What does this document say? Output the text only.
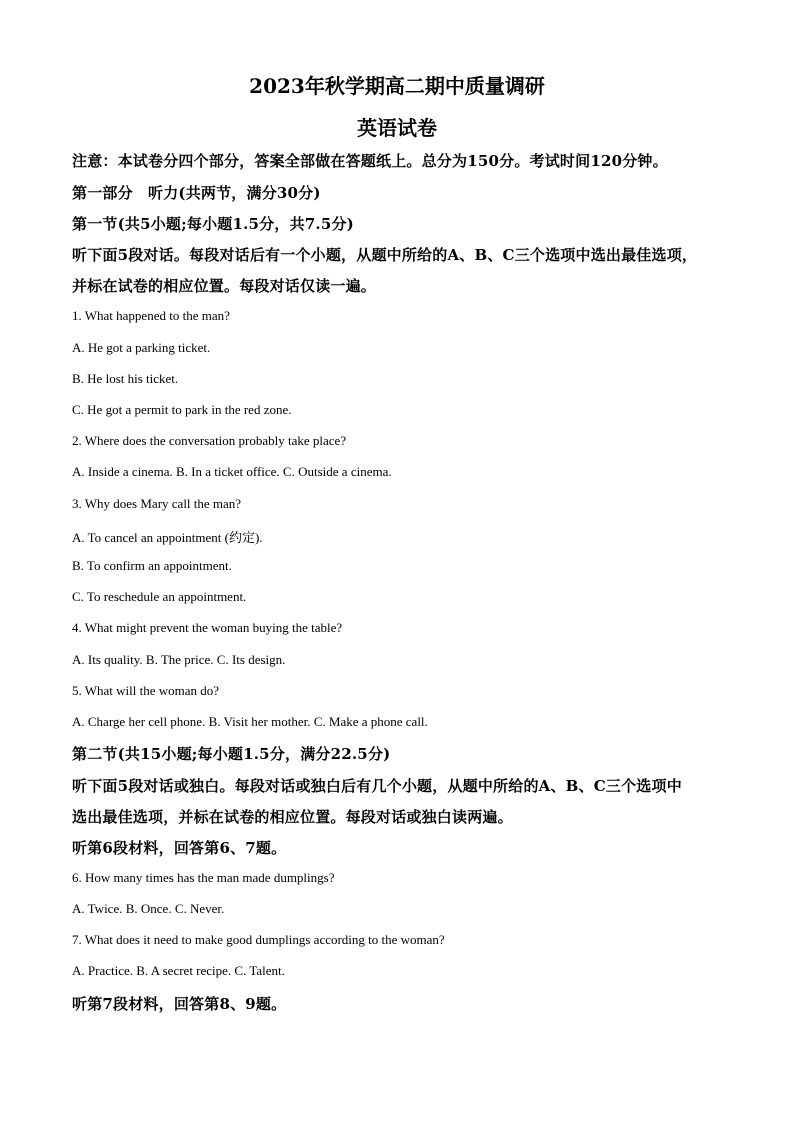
2023年秋学期高二期中质量调研
英语试卷
注意：本试卷分四个部分，答案全部做在答题纸上。总分为150分。考试时间120分钟。
第一部分　听力(共两节，满分30分)
第一节(共5小题;每小题1.5分，共7.5分)
听下面5段对话。每段对话后有一个小题，从题中所给的A、B、C三个选项中选出最佳选项，
并标在试卷的相应位置。每段对话仅读一遍。
1. What happened to the man?
A. He got a parking ticket.
B. He lost his ticket.
C. He got a permit to park in the red zone.
2. Where does the conversation probably take place?
A. Inside a cinema. B. In a ticket office. C. Outside a cinema.
3. Why does Mary call the man?
A. To cancel an appointment (约定).
B. To confirm an appointment.
C. To reschedule an appointment.
4. What might prevent the woman buying the table?
A. Its quality. B. The price. C. Its design.
5. What will the woman do?
A. Charge her cell phone. B. Visit her mother. C. Make a phone call.
第二节(共15小题;每小题1.5分，满分22.5分)
听下面5段对话或独白。每段对话或独白后有几个小题，从题中所给的A、B、C三个选项中
选出最佳选项，并标在试卷的相应位置。每段对话或独白读两遍。
听第6段材料，回答第6、7题。
6. How many times has the man made dumplings?
A. Twice. B. Once. C. Never.
7. What does it need to make good dumplings according to the woman?
A. Practice. B. A secret recipe. C. Talent.
听第7段材料，回答第8、9题。
